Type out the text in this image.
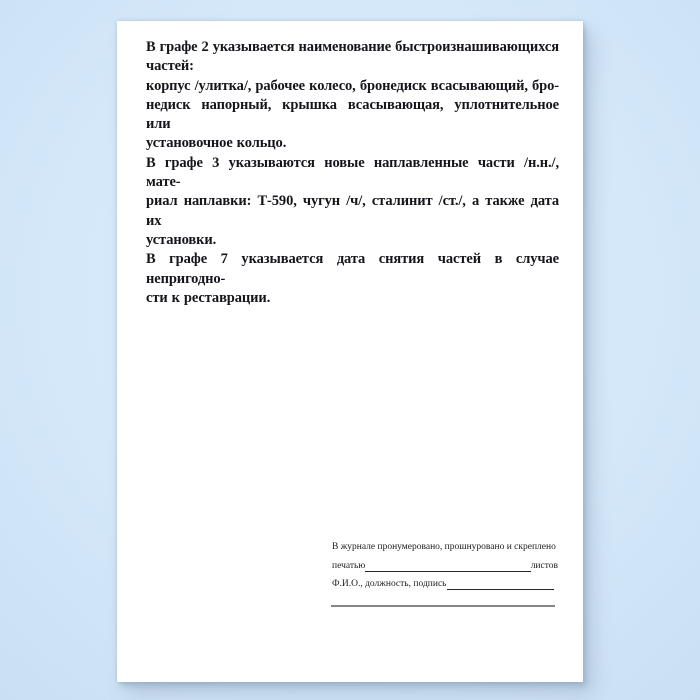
В графе 2 указывается наименование быстроизнашивающихся
частей:
корпус /улитка/, рабочее колесо, бронедиск всасывающий, бро-
недиск напорный, крышка всасывающая, уплотнительное или
установочное кольцо.
В графе 3 указываются новые наплавленные части /н.н./, мате-
риал наплавки: Т-590, чугун /ч/, сталинит /ст./, а также дата их
установки.
В графе 7 указывается дата снятия частей в случае непригодно-
сти к реставрации.
В журнале пронумеровано, прошнуровано и скреплено
печатью	листов
Ф.И.О., должность, подпись
